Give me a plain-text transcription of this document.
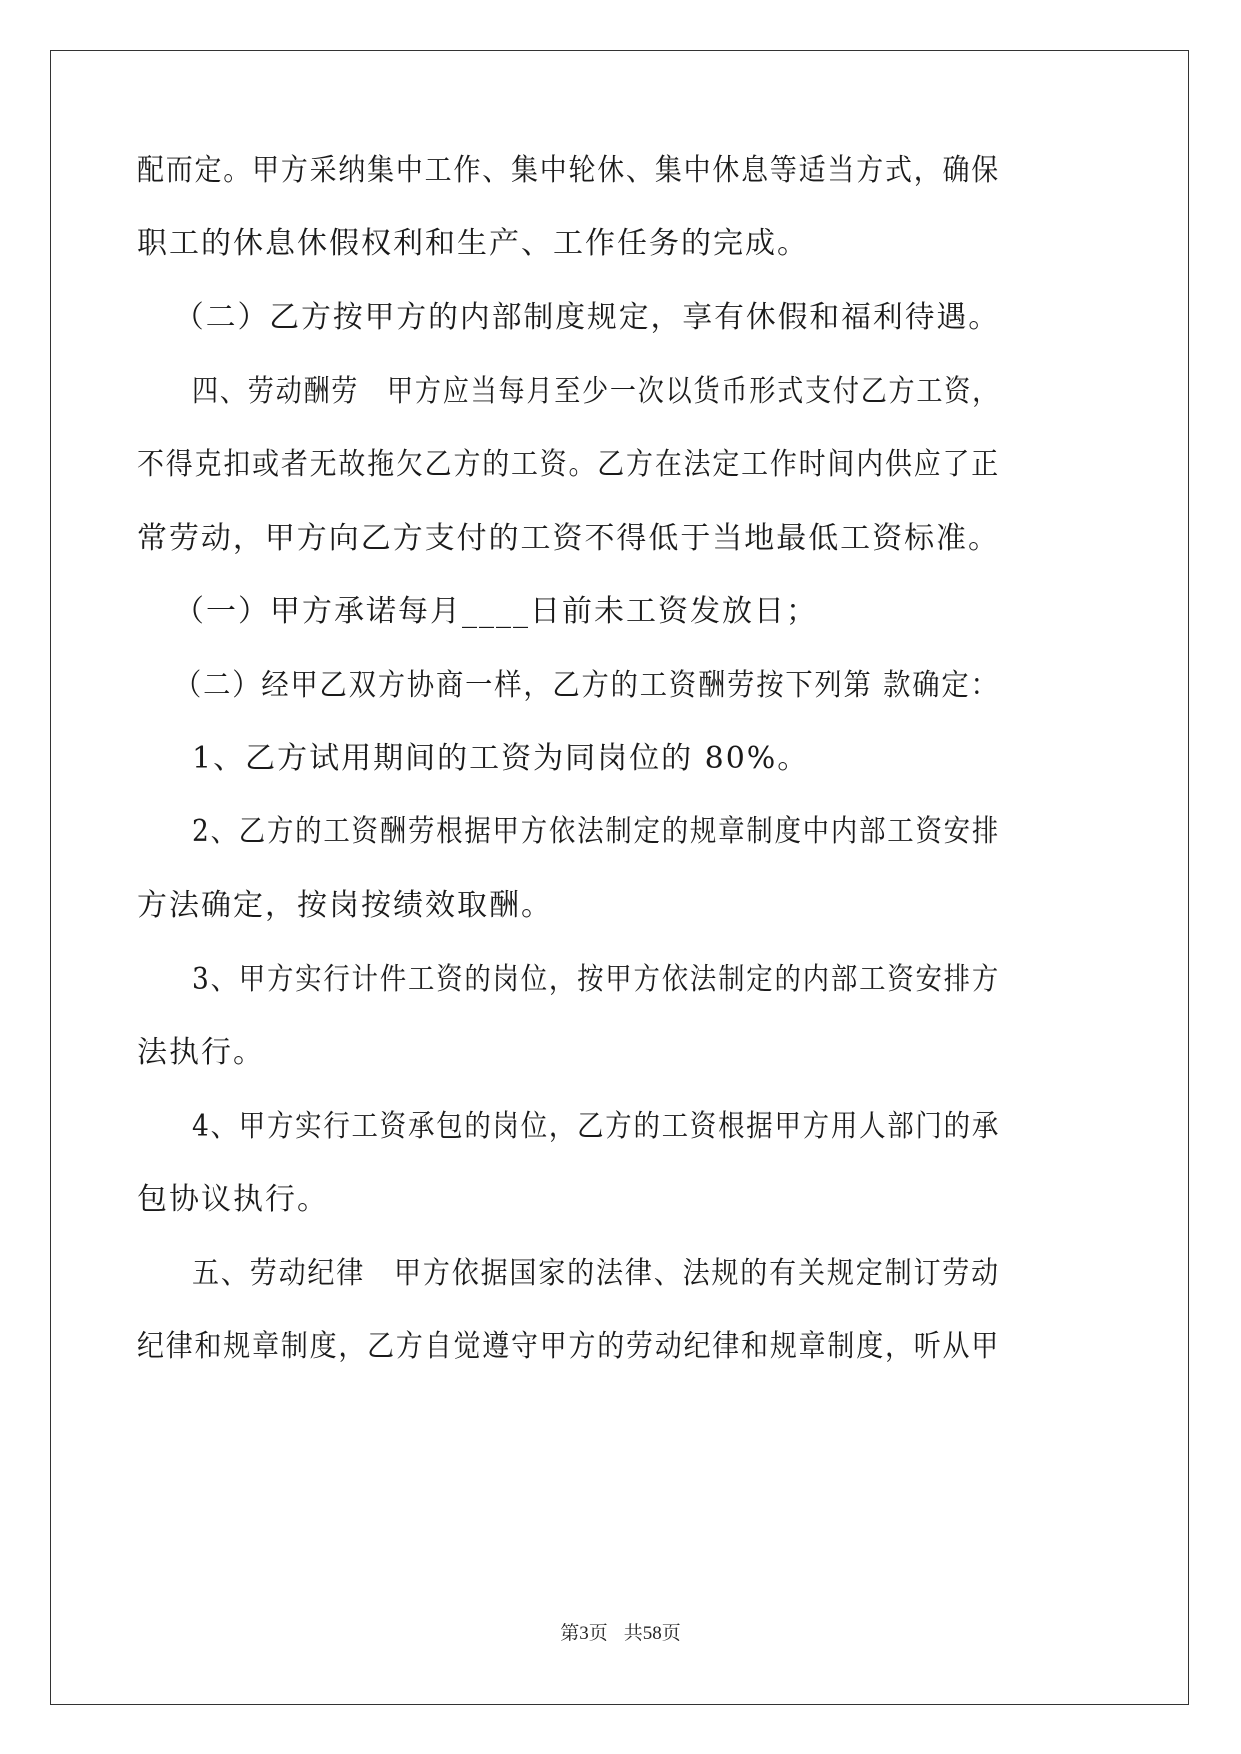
配而定。甲方采纳集中工作、集中轮休、集中休息等适当方式，确保
职工的休息休假权利和生产、工作任务的完成。
（二）乙方按甲方的内部制度规定，享有休假和福利待遇。
四、劳动酬劳　甲方应当每月至少一次以货币形式支付乙方工资，
不得克扣或者无故拖欠乙方的工资。乙方在法定工作时间内供应了正
常劳动，甲方向乙方支付的工资不得低于当地最低工资标准。
（一）甲方承诺每月____日前未工资发放日；
（二）经甲乙双方协商一样，乙方的工资酬劳按下列第 款确定：
1、乙方试用期间的工资为同岗位的 80%。
2、乙方的工资酬劳根据甲方依法制定的规章制度中内部工资安排
方法确定，按岗按绩效取酬。
3、甲方实行计件工资的岗位，按甲方依法制定的内部工资安排方
法执行。
4、甲方实行工资承包的岗位，乙方的工资根据甲方用人部门的承
包协议执行。
五、劳动纪律　甲方依据国家的法律、法规的有关规定制订劳动
纪律和规章制度，乙方自觉遵守甲方的劳动纪律和规章制度，听从甲
第3页 共58页
